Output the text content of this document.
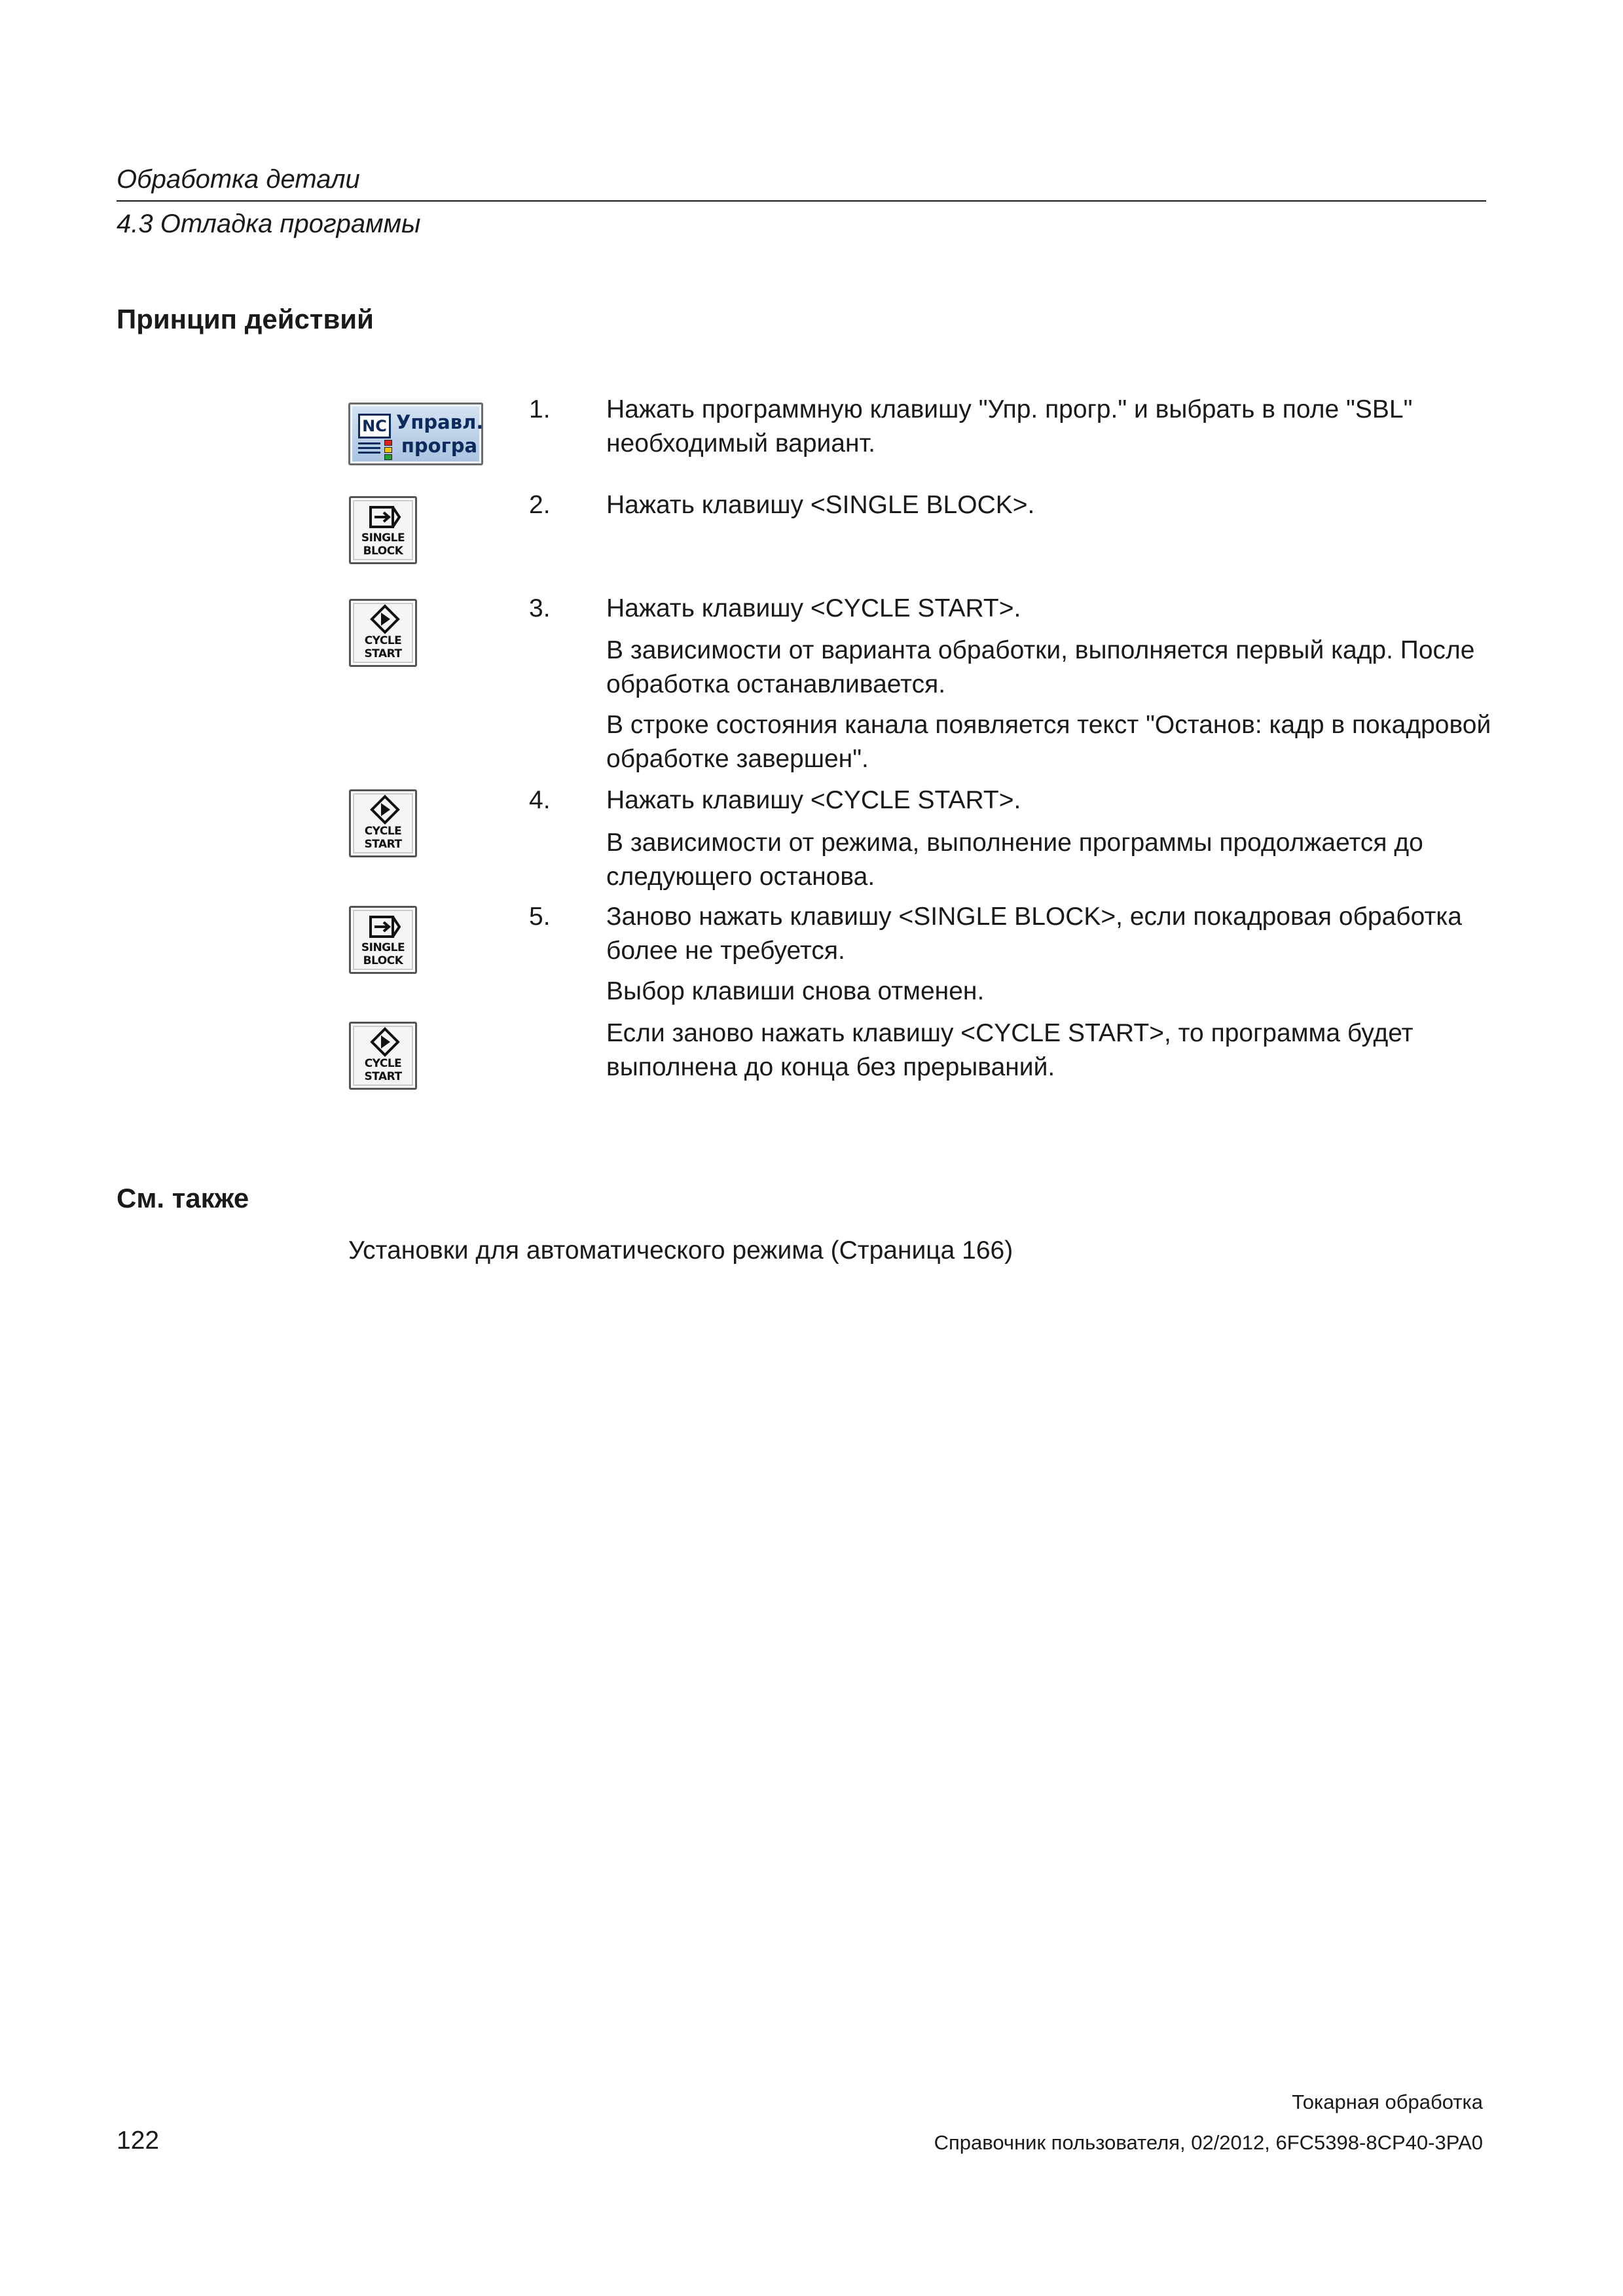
Обработка детали
4.3 Отладка программы
Принцип действий
NC Управл.
програ
SINGLE
BLOCK
CYCLE
START
CYCLE
START
SINGLE
BLOCK
CYCLE
START
1. Нажать программную клавишу "Упр. прогр." и выбрать в поле "SBL" необходимый вариант.
2. Нажать клавишу <SINGLE BLOCK>.
3. Нажать клавишу <CYCLE START>.
В зависимости от варианта обработки, выполняется первый кадр. После обработка останавливается.
В строке состояния канала появляется текст "Останов: кадр в покадровой обработке завершен".
4. Нажать клавишу <CYCLE START>.
В зависимости от режима, выполнение программы продолжается до следующего останова.
5. Заново нажать клавишу <SINGLE BLOCK>, если покадровая обработка более не требуется.
Выбор клавиши снова отменен.
Если заново нажать клавишу <CYCLE START>, то программа будет выполнена до конца без прерываний.
См. также
Установки для автоматического режима (Страница 166)
Токарная обработка
122	Справочник пользователя, 02/2012, 6FC5398-8CP40-3PA0
